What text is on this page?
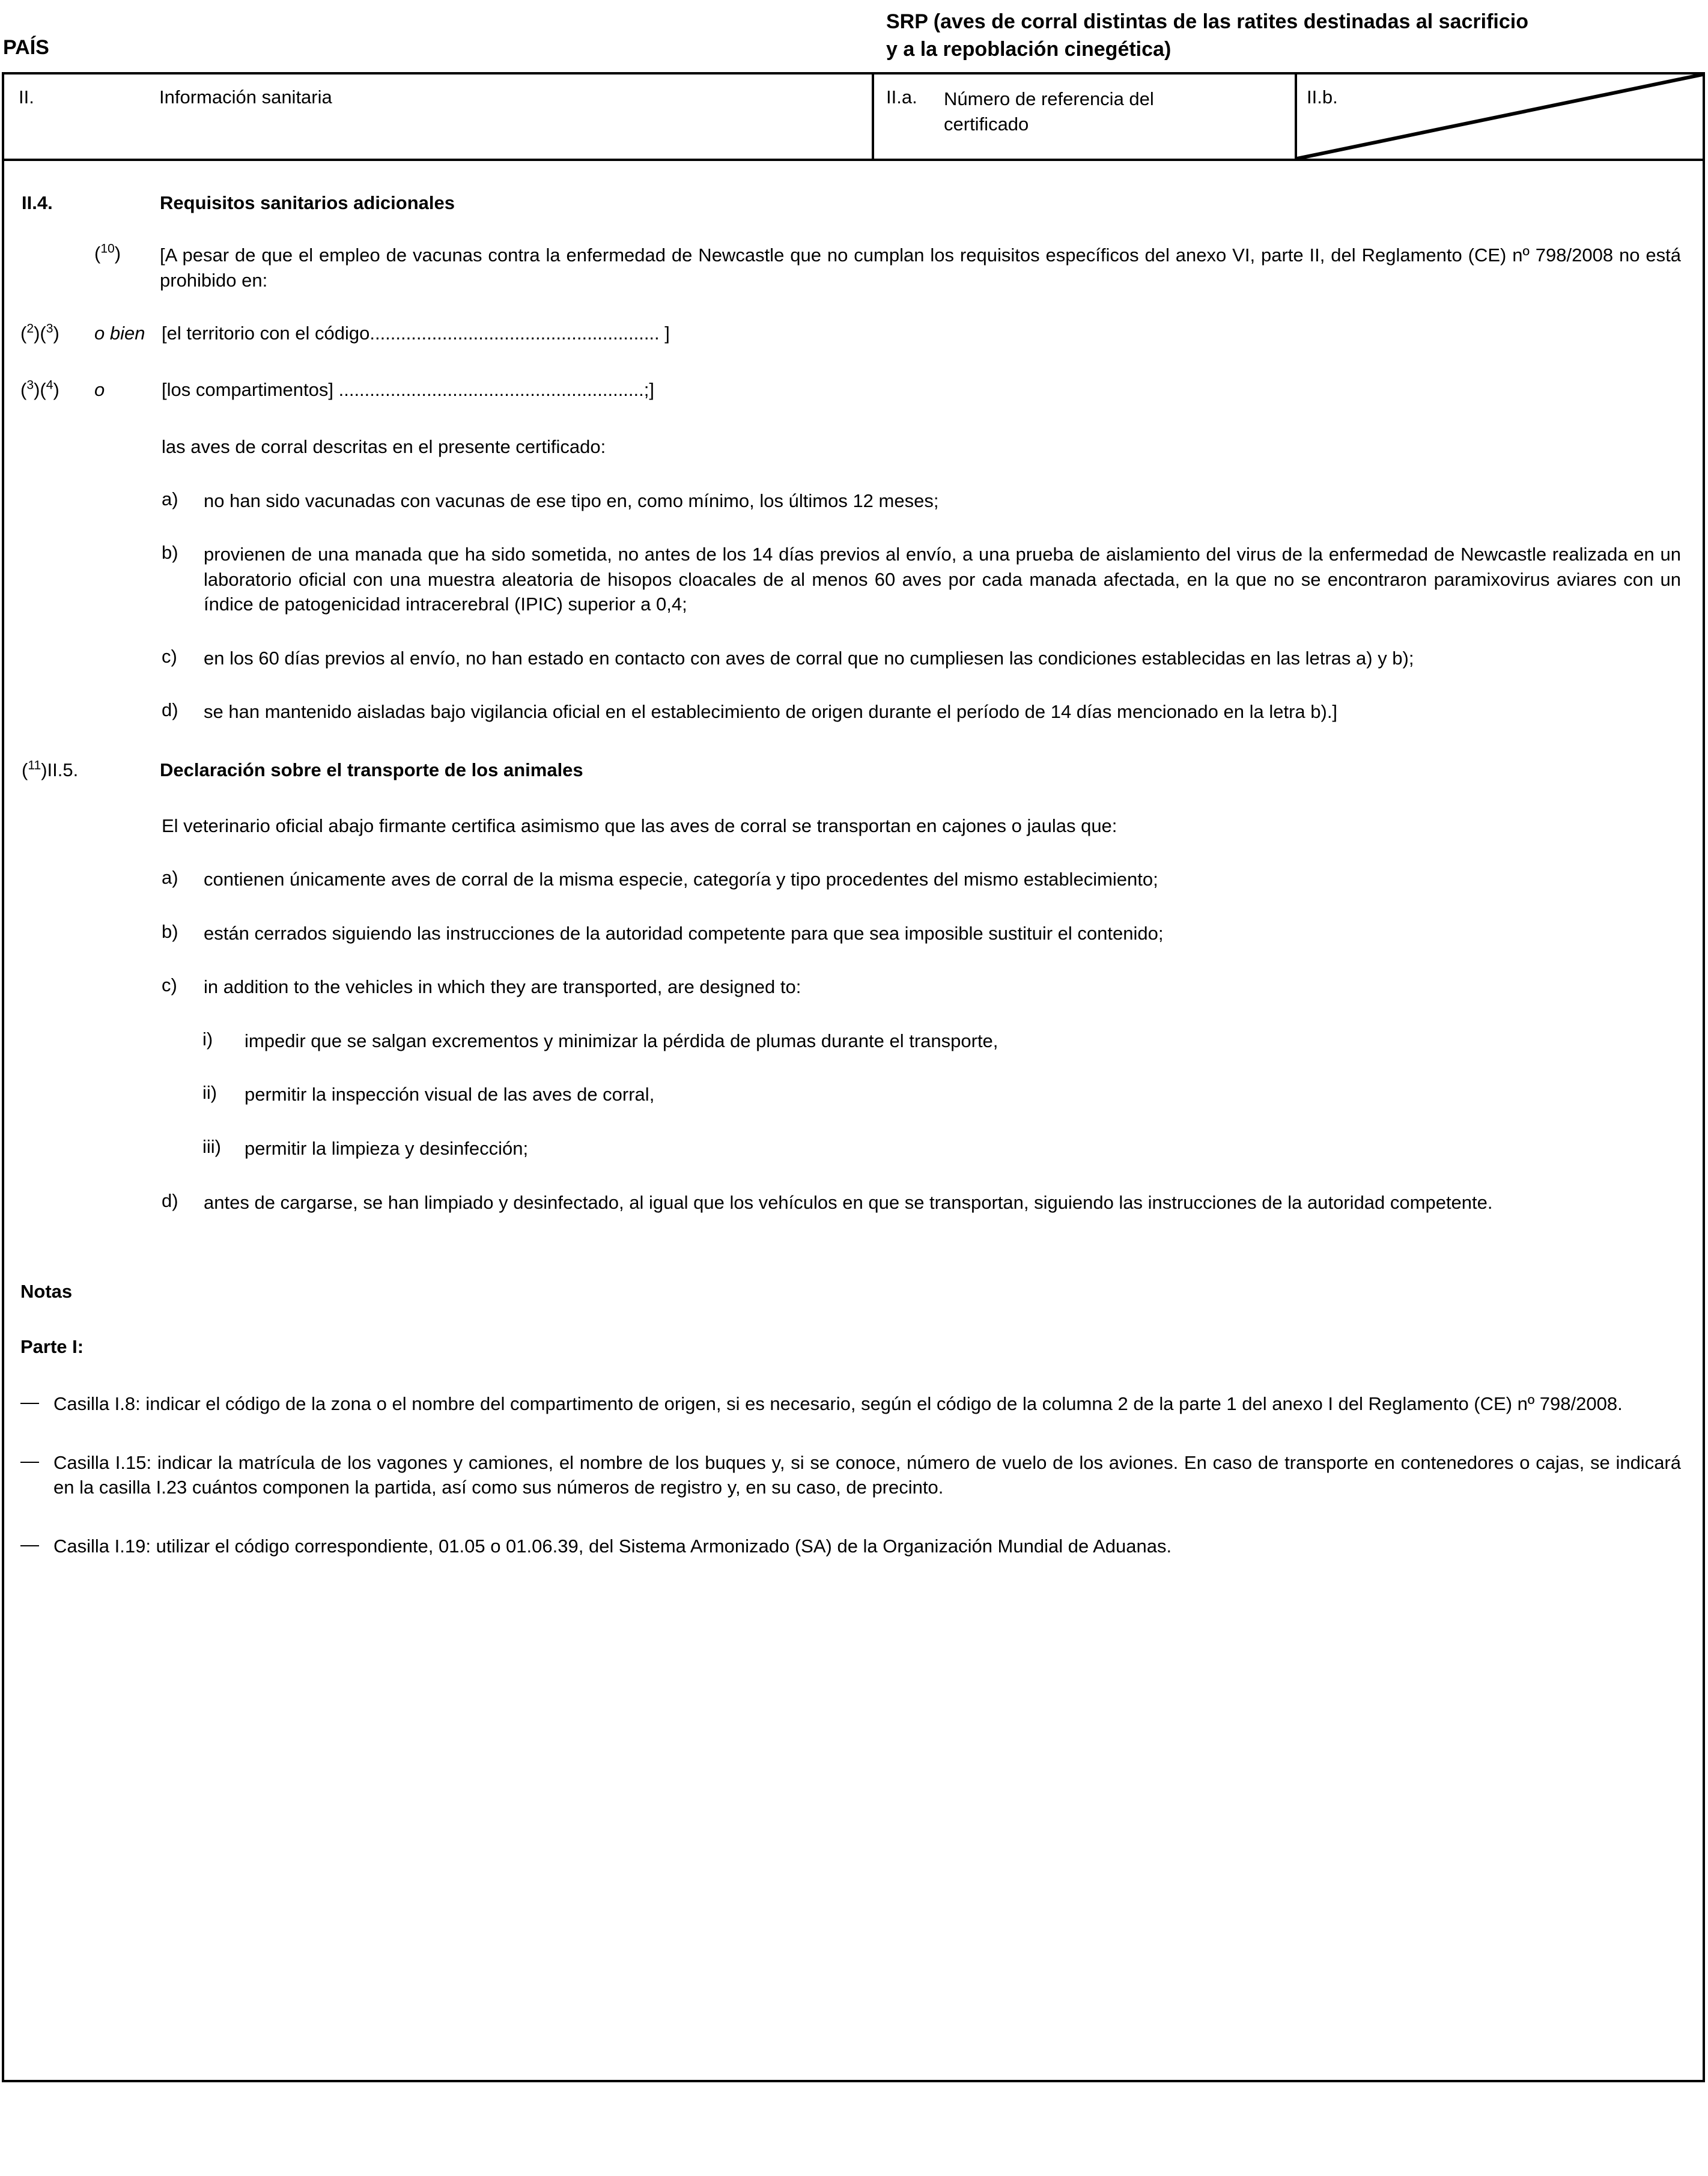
PAÍS
SRP (aves de corral distintas de las ratites destinadas al sacrificio
y a la repoblación cinegética)
II.	Información sanitaria	II.a. Número de referencia del
certificado
II.b.
II.4.	Requisitos sanitarios adicionales
($^{10}$) [A pesar de que el empleo de vacunas contra la enfermedad de Newcastle que no cumplan los requisitos específicos del anexo VI, parte II, del Reglamento (CE) nº 798/2008 no está prohibido en:
($^2$)($^3$) o bien [el territorio con el código........................................................ ]
($^3$)($^4$) o	[los compartimentos] ...........................................................;]
las aves de corral descritas en el presente certificado:
a) no han sido vacunadas con vacunas de ese tipo en, como mínimo, los últimos 12 meses;
b) provienen de una manada que ha sido sometida, no antes de los 14 días previos al envío, a una prueba de aislamiento del virus de la enfermedad de Newcastle realizada en un laboratorio oficial con una muestra aleatoria de hisopos cloacales de al menos 60 aves por cada manada afectada, en la que no se encontraron paramixovirus aviares con un índice de patogenicidad intracerebral (IPIC) superior a 0,4;
c) en los 60 días previos al envío, no han estado en contacto con aves de corral que no cumpliesen las condiciones establecidas en las letras a) y b);
d) se han mantenido aisladas bajo vigilancia oficial en el establecimiento de origen durante el período de 14 días mencionado en la letra b).]
($^{11}$)II.5.	Declaración sobre el transporte de los animales
El veterinario oficial abajo firmante certifica asimismo que las aves de corral se transportan en cajones o jaulas que:
a) contienen únicamente aves de corral de la misma especie, categoría y tipo procedentes del mismo establecimiento;
b) están cerrados siguiendo las instrucciones de la autoridad competente para que sea imposible sustituir el contenido;
c) in addition to the vehicles in which they are transported, are designed to:
i) impedir que se salgan excrementos y minimizar la pérdida de plumas durante el transporte,
ii) permitir la inspección visual de las aves de corral,
iii) permitir la limpieza y desinfección;
d) antes de cargarse, se han limpiado y desinfectado, al igual que los vehículos en que se transportan, siguiendo las instrucciones de la autoridad competente.
Notas
Parte I:
— Casilla I.8: indicar el código de la zona o el nombre del compartimento de origen, si es necesario, según el código de la columna 2 de la parte 1 del anexo I del Reglamento (CE) nº 798/2008.
— Casilla I.15: indicar la matrícula de los vagones y camiones, el nombre de los buques y, si se conoce, número de vuelo de los aviones. En caso de transporte en contenedores o cajas, se indicará en la casilla I.23 cuántos componen la partida, así como sus números de registro y, en su caso, de precinto.
— Casilla I.19: utilizar el código correspondiente, 01.05 o 01.06.39, del Sistema Armonizado (SA) de la Organización Mundial de Aduanas.
